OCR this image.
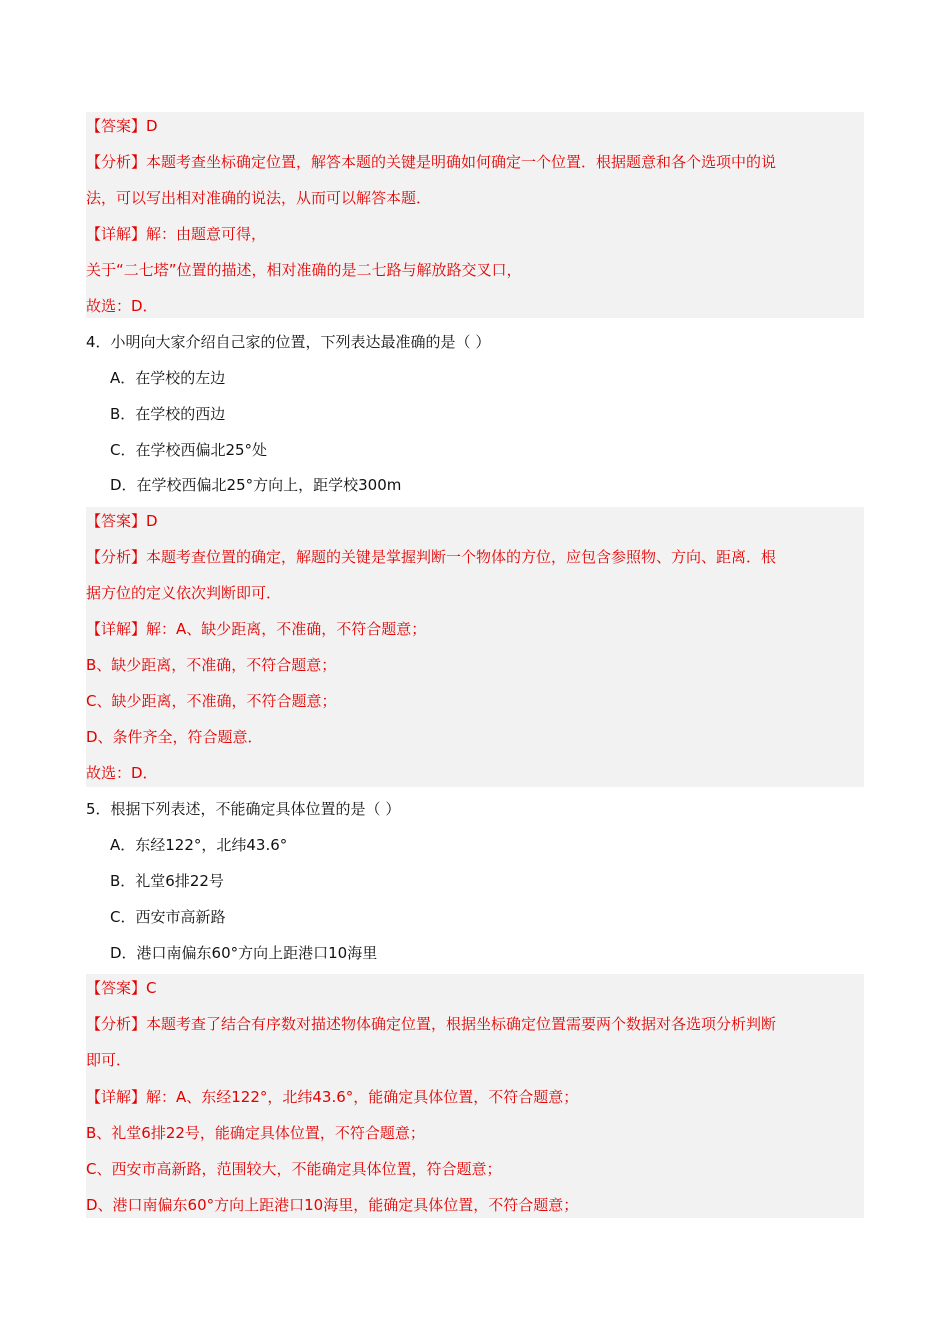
【答案】D
【分析】本题考查坐标确定位置，解答本题的关键是明确如何确定一个位置．根据题意和各个选项中的说
法，可以写出相对准确的说法，从而可以解答本题．
【详解】解：由题意可得，
关于“二七塔”位置的描述，相对准确的是二七路与解放路交叉口，
故选：D．
4．小明向大家介绍自己家的位置，下列表达最准确的是（ ）
A．在学校的左边
B．在学校的西边
C．在学校西偏北25°处
D．在学校西偏北25°方向上，距学校300m
【答案】D
【分析】本题考查位置的确定，解题的关键是掌握判断一个物体的方位，应包含参照物、方向、距离．根
据方位的定义依次判断即可．
【详解】解：A、缺少距离，不准确，不符合题意；
B、缺少距离，不准确，不符合题意；
C、缺少距离，不准确，不符合题意；
D、条件齐全，符合题意．
故选：D．
5．根据下列表述，不能确定具体位置的是（ ）
A．东经122°，北纬43.6°
B．礼堂6排22号
C．西安市高新路
D．港口南偏东60°方向上距港口10海里
【答案】C
【分析】本题考查了结合有序数对描述物体确定位置，根据坐标确定位置需要两个数据对各选项分析判断
即可．
【详解】解：A、东经122°，北纬43.6°，能确定具体位置，不符合题意；
B、礼堂6排22号，能确定具体位置，不符合题意；
C、西安市高新路，范围较大，不能确定具体位置，符合题意；
D、港口南偏东60°方向上距港口10海里，能确定具体位置，不符合题意；
